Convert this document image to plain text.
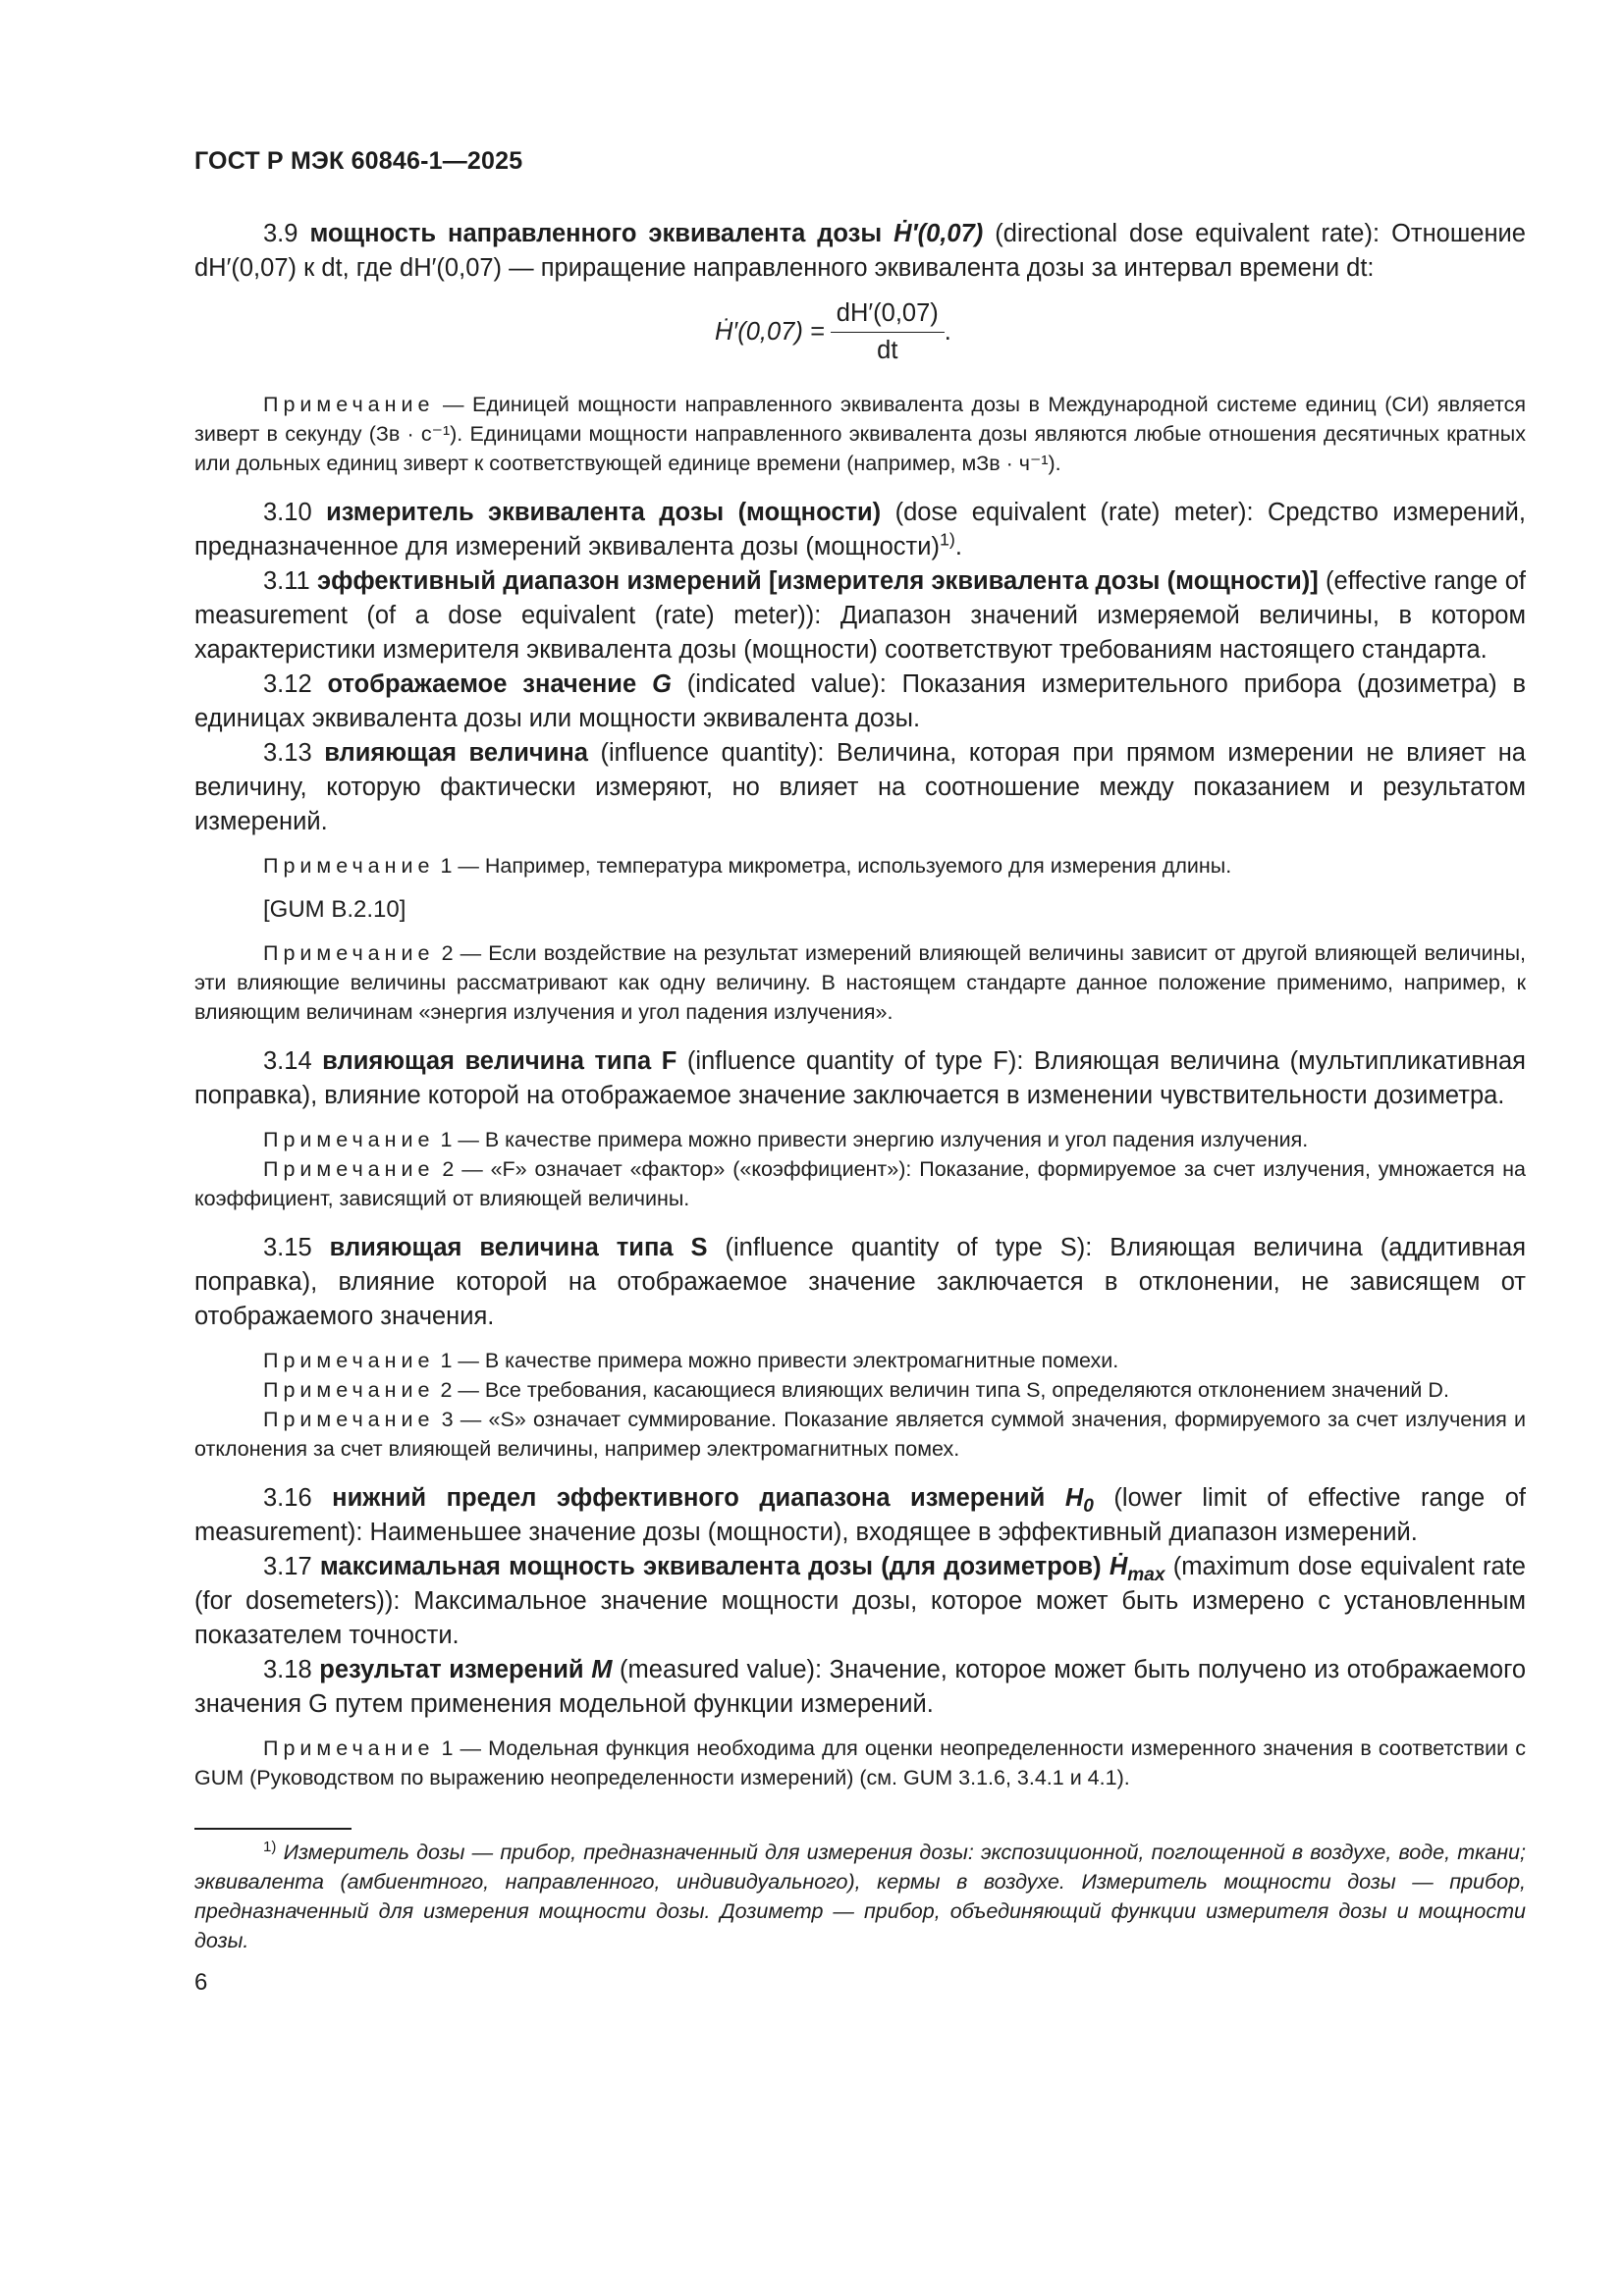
ГОСТ Р МЭК 60846-1—2025

3.9 мощность направленного эквивалента дозы Ḣ′(0,07) (directional dose equivalent rate): Отношение dH′(0,07) к dt, где dH′(0,07) — приращение направленного эквивалента дозы за интервал времени dt:

Ḣ′(0,07) = $\frac{dH'(0,07)}{dt}$ .

Примечание — Единицей мощности направленного эквивалента дозы в Международной системе единиц (СИ) является зиверт в секунду (Зв · с⁻¹). Единицами мощности направленного эквивалента дозы являются любые отношения десятичных кратных или дольных единиц зиверт к соответствующей единице времени (например, мЗв · ч⁻¹).

3.10 измеритель эквивалента дозы (мощности) (dose equivalent (rate) meter): Средство измерений, предназначенное для измерений эквивалента дозы (мощности)$^{1)}$.

3.11 эффективный диапазон измерений [измерителя эквивалента дозы (мощности)] (effective range of measurement (of a dose equivalent (rate) meter)): Диапазон значений измеряемой величины, в котором характеристики измерителя эквивалента дозы (мощности) соответствуют требованиям настоящего стандарта.

3.12 отображаемое значение G (indicated value): Показания измерительного прибора (дозиметра) в единицах эквивалента дозы или мощности эквивалента дозы.

3.13 влияющая величина (influence quantity): Величина, которая при прямом измерении не влияет на величину, которую фактически измеряют, но влияет на соотношение между показанием и результатом измерений.

Примечание 1 — Например, температура микрометра, используемого для измерения длины.

[GUM B.2.10]

Примечание 2 — Если воздействие на результат измерений влияющей величины зависит от другой влияющей величины, эти влияющие величины рассматривают как одну величину. В настоящем стандарте данное положение применимо, например, к влияющим величинам «энергия излучения и угол падения излучения».

3.14 влияющая величина типа F (influence quantity of type F): Влияющая величина (мультипликативная поправка), влияние которой на отображаемое значение заключается в изменении чувствительности дозиметра.

Примечание 1 — В качестве примера можно привести энергию излучения и угол падения излучения.

Примечание 2 — «F» означает «фактор» («коэффициент»): Показание, формируемое за счет излучения, умножается на коэффициент, зависящий от влияющей величины.

3.15 влияющая величина типа S (influence quantity of type S): Влияющая величина (аддитивная поправка), влияние которой на отображаемое значение заключается в отклонении, не зависящем от отображаемого значения.

Примечание 1 — В качестве примера можно привести электромагнитные помехи.

Примечание 2 — Все требования, касающиеся влияющих величин типа S, определяются отклонением значений D.

Примечание 3 — «S» означает суммирование. Показание является суммой значения, формируемого за счет излучения и отклонения за счет влияющей величины, например электромагнитных помех.

3.16 нижний предел эффективного диапазона измерений $H_0$ (lower limit of effective range of measurement): Наименьшее значение дозы (мощности), входящее в эффективный диапазон измерений.

3.17 максимальная мощность эквивалента дозы (для дозиметров) Ḣ$_{max}$ (maximum dose equivalent rate (for dosemeters)): Максимальное значение мощности дозы, которое может быть измерено с установленным показателем точности.

3.18 результат измерений M (measured value): Значение, которое может быть получено из отображаемого значения G путем применения модельной функции измерений.

Примечание 1 — Модельная функция необходима для оценки неопределенности измеренного значения в соответствии с GUM (Руководством по выражению неопределенности измерений) (см. GUM 3.1.6, 3.4.1 и 4.1).

$^{1)}$ Измеритель дозы — прибор, предназначенный для измерения дозы: экспозиционной, поглощенной в воздухе, воде, ткани; эквивалента (амбиентного, направленного, индивидуального), кермы в воздухе. Измеритель мощности дозы — прибор, предназначенный для измерения мощности дозы. Дозиметр — прибор, объединяющий функции измерителя дозы и мощности дозы.

6
